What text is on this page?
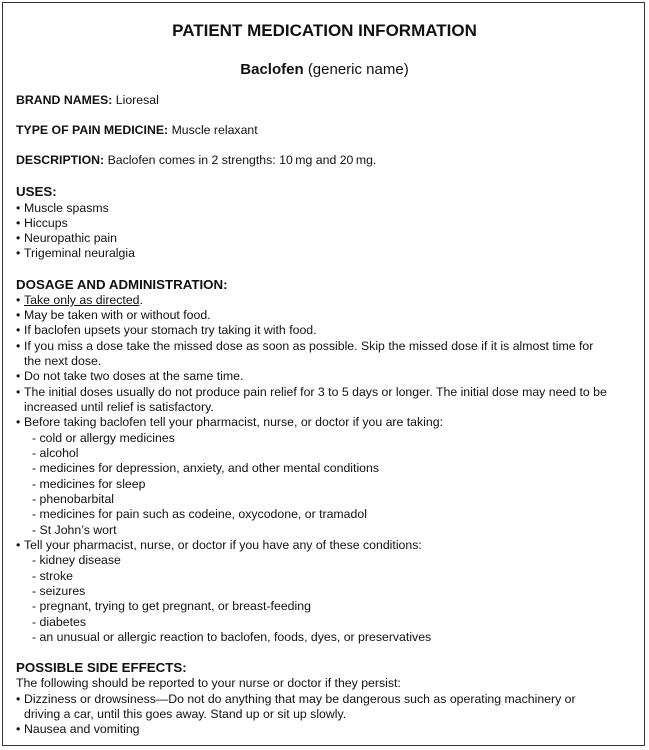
PATIENT MEDICATION INFORMATION
Baclofen (generic name)
BRAND NAMES: Lioresal
TYPE OF PAIN MEDICINE: Muscle relaxant
DESCRIPTION: Baclofen comes in 2 strengths: 10 mg and 20 mg.
USES:
• Muscle spasms
• Hiccups
• Neuropathic pain
• Trigeminal neuralgia
DOSAGE AND ADMINISTRATION:
• Take only as directed.
• May be taken with or without food.
• If baclofen upsets your stomach try taking it with food.
• If you miss a dose take the missed dose as soon as possible. Skip the missed dose if it is almost time for
the next dose.
• Do not take two doses at the same time.
• The initial doses usually do not produce pain relief for 3 to 5 days or longer. The initial dose may need to be
increased until relief is satisfactory.
• Before taking baclofen tell your pharmacist, nurse, or doctor if you are taking:
- cold or allergy medicines
- alcohol
- medicines for depression, anxiety, and other mental conditions
- medicines for sleep
- phenobarbital
- medicines for pain such as codeine, oxycodone, or tramadol
- St John’s wort
• Tell your pharmacist, nurse, or doctor if you have any of these conditions:
- kidney disease
- stroke
- seizures
- pregnant, trying to get pregnant, or breast-feeding
- diabetes
- an unusual or allergic reaction to baclofen, foods, dyes, or preservatives
POSSIBLE SIDE EFFECTS:
The following should be reported to your nurse or doctor if they persist:
• Dizziness or drowsiness—Do not do anything that may be dangerous such as operating machinery or
driving a car, until this goes away. Stand up or sit up slowly.
• Nausea and vomiting
